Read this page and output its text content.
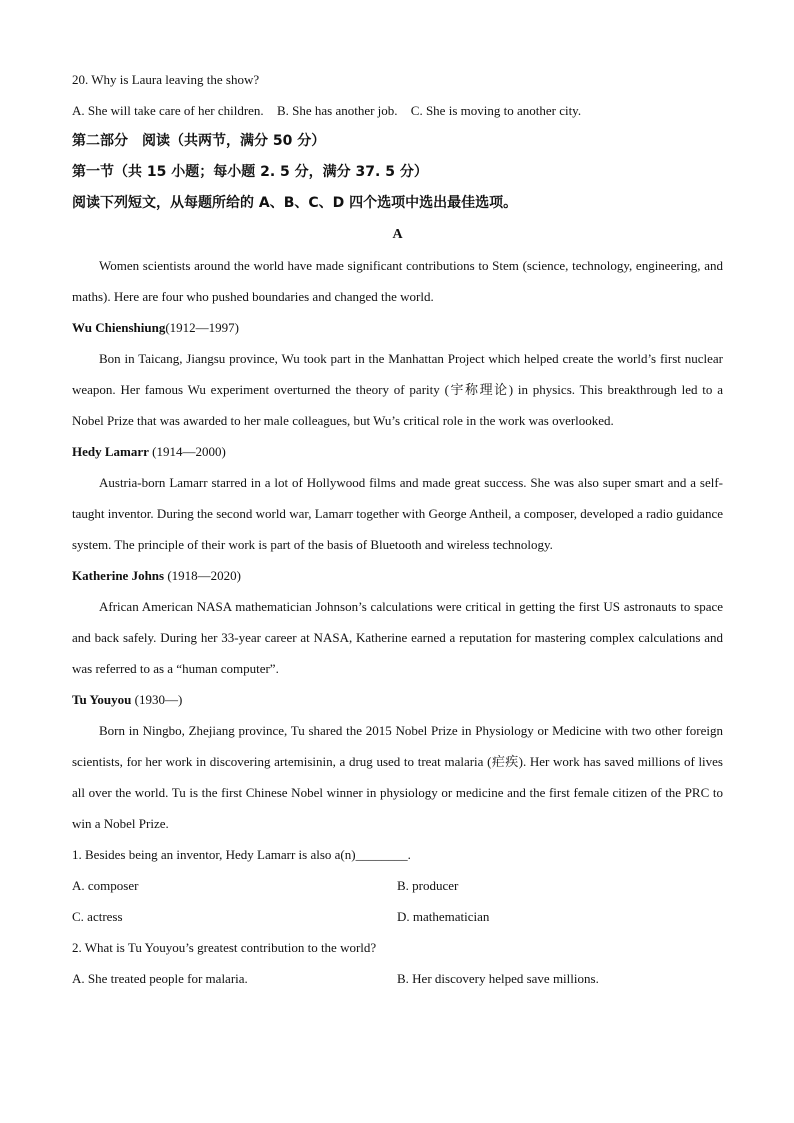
20. Why is Laura leaving the show?
A. She will take care of her children. B. She has another job. C. She is moving to another city.
第二部分　阅读（共两节，满分 50 分）
第一节（共 15 小题；每小题 2. 5 分，满分 37. 5 分）
阅读下列短文，从每题所给的 A、B、C、D 四个选项中选出最佳选项。
A

Women scientists around the world have made significant contributions to Stem (science, technology, engineering, and maths). Here are four who pushed boundaries and changed the world.

Wu Chienshiung(1912—1997)

Bon in Taicang, Jiangsu province, Wu took part in the Manhattan Project which helped create the world’s first nuclear weapon. Her famous Wu experiment overturned the theory of parity (宇称理论) in physics. This breakthrough led to a Nobel Prize that was awarded to her male colleagues, but Wu’s critical role in the work was overlooked.

Hedy Lamarr (1914—2000)

Austria-born Lamarr starred in a lot of Hollywood films and made great success. She was also super smart and a self-taught inventor. During the second world war, Lamarr together with George Antheil, a composer, developed a radio guidance system. The principle of their work is part of the basis of Bluetooth and wireless technology.

Katherine Johns (1918—2020)

African American NASA mathematician Johnson’s calculations were critical in getting the first US astronauts to space and back safely. During her 33-year career at NASA, Katherine earned a reputation for mastering complex calculations and was referred to as a “human computer”.

Tu Youyou (1930—)

Born in Ningbo, Zhejiang province, Tu shared the 2015 Nobel Prize in Physiology or Medicine with two other foreign scientists, for her work in discovering artemisinin, a drug used to treat malaria (疟疾). Her work has saved millions of lives all over the world. Tu is the first Chinese Nobel winner in physiology or medicine and the first female citizen of the PRC to win a Nobel Prize.

1. Besides being an inventor, Hedy Lamarr is also a(n)________.
A. composer	B. producer
C. actress	D. mathematician
2. What is Tu Youyou’s greatest contribution to the world?
A. She treated people for malaria.	B. Her discovery helped save millions.
